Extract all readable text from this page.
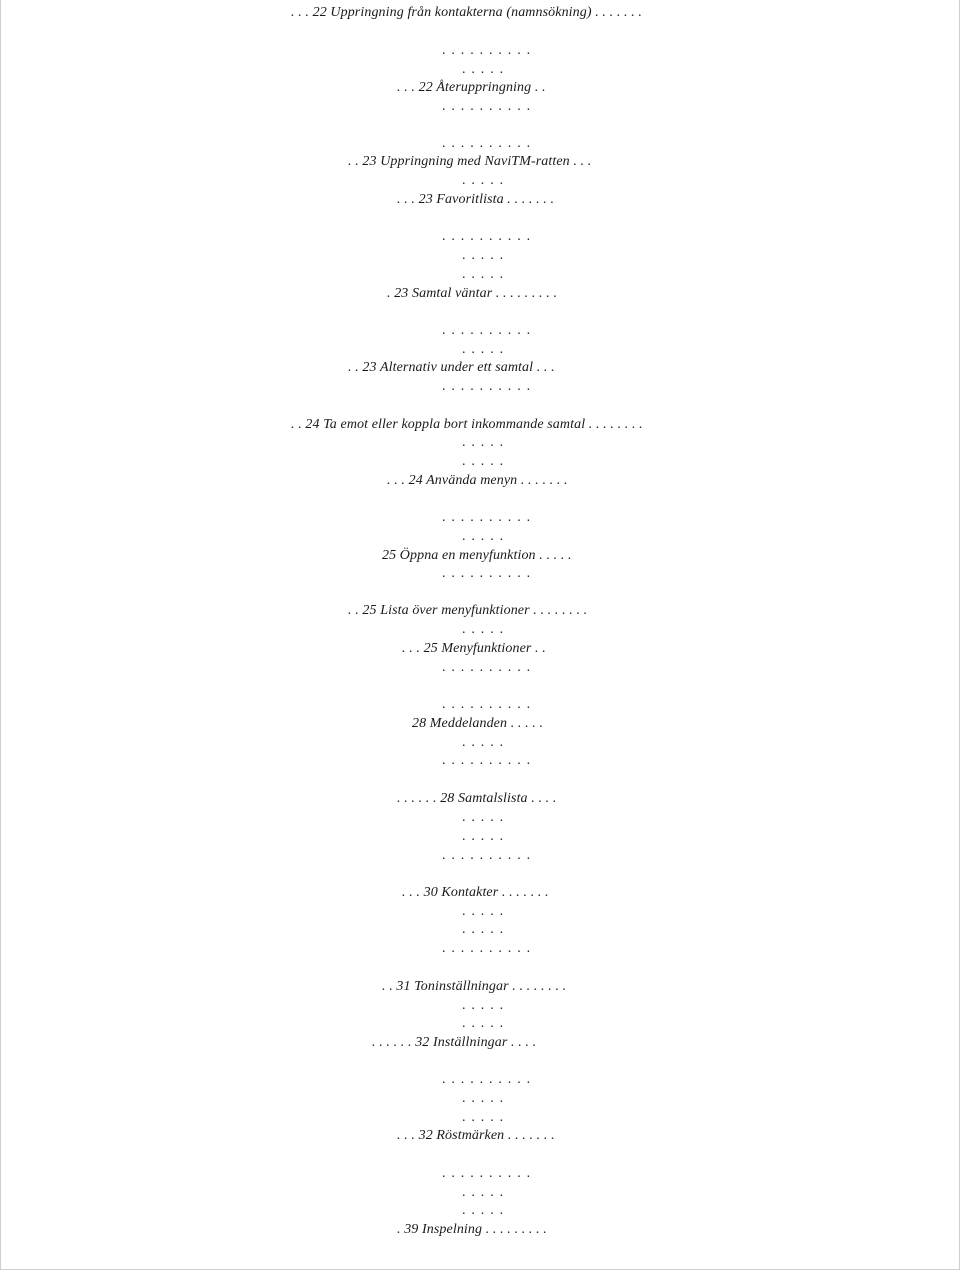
. . . 22 Uppringning från kontakterna (namnsökning) . . . . . . .
. . . . . . . . . .
. . . . .
. . . 22 Återuppringning . .
. . . . . . . . . .
. . . . . . . . . .
. . 23 Uppringning med NaviTM-ratten . . .
. . . . .
. . . 23 Favoritlista . . . . . . .
. . . . . . . . . .
. . . . .
. . . . .
. 23 Samtal väntar . . . . . . . . .
. . . . . . . . . .
. . . . .
. . 23 Alternativ under ett samtal . . .
. . . . . . . . . .
. . 24 Ta emot eller koppla bort inkommande samtal . . . . . . . .
. . . . .
. . . . .
. . . 24 Använda menyn . . . . . . .
. . . . . . . . . .
. . . . .
25 Öppna en menyfunktion . . . . .
. . . . . . . . . .
. . 25 Lista över menyfunktioner . . . . . . . .
. . . . .
. . . 25 Menyfunktioner . .
. . . . . . . . . .
. . . . . . . . . .
28 Meddelanden . . . . .
. . . . .
. . . . . . . . . .
. . . . . . 28 Samtalslista . . . .
. . . . .
. . . . .
. . . . . . . . . .
. . . 30 Kontakter . . . . . . .
. . . . .
. . . . .
. . . . . . . . . .
. . 31 Toninställningar . . . . . . . .
. . . . .
. . . . .
. . . . . . 32 Inställningar . . . .
. . . . . . . . . .
. . . . .
. . . . .
. . . 32 Röstmärken . . . . . . .
. . . . . . . . . .
. . . . .
. . . . .
. 39 Inspelning . . . . . . . . .
